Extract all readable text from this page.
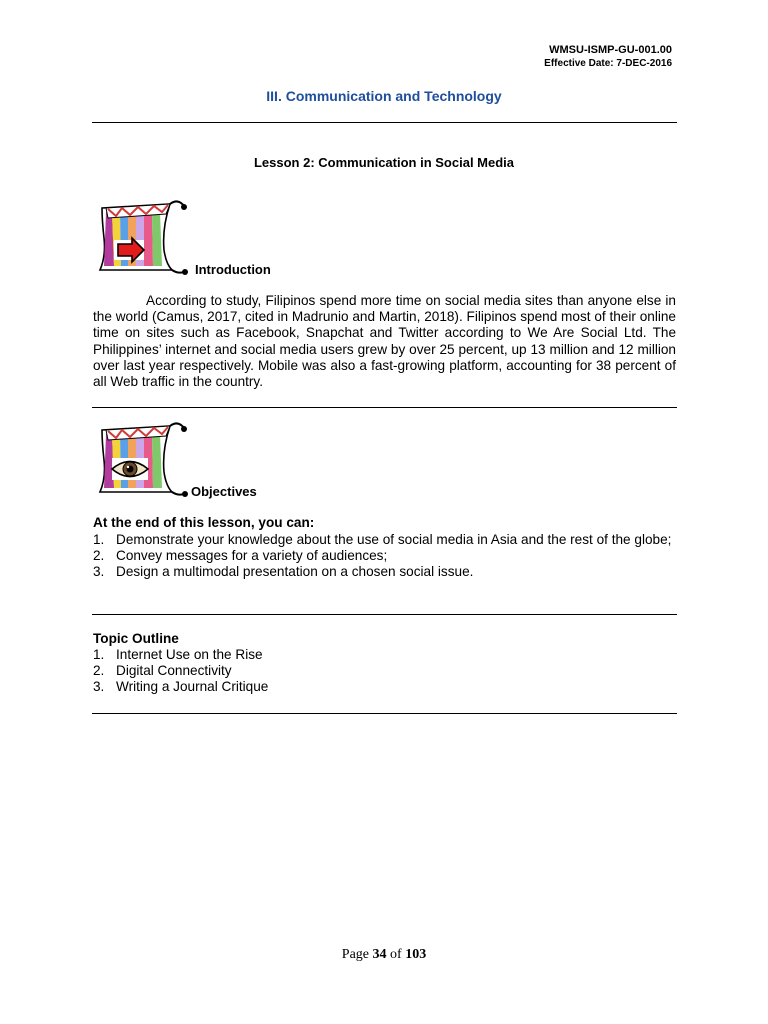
WMSU-ISMP-GU-001.00
Effective Date: 7-DEC-2016
III. Communication and Technology
Lesson 2: Communication in Social Media
Introduction

According to study, Filipinos spend more time on social media sites than anyone else in the world (Camus, 2017, cited in Madrunio and Martin, 2018). Filipinos spend most of their online time on sites such as Facebook, Snapchat and Twitter according to We Are Social Ltd. The Philippines’ internet and social media users grew by over 25 percent, up 13 million and 12 million over last year respectively. Mobile was also a fast-growing platform, accounting for 38 percent of all Web traffic in the country.

Objectives
At the end of this lesson, you can:
1. Demonstrate your knowledge about the use of social media in Asia and the rest of the globe;
2. Convey messages for a variety of audiences;
3. Design a multimodal presentation on a chosen social issue.
Topic Outline
1. Internet Use on the Rise
2. Digital Connectivity
3. Writing a Journal Critique
Page 34 of 103
